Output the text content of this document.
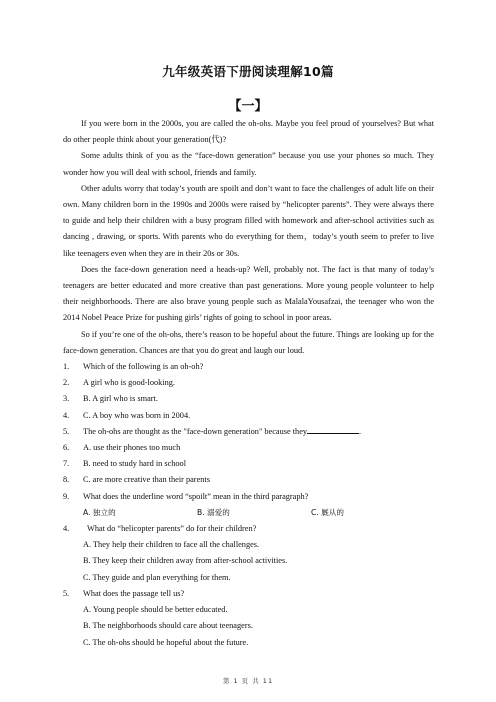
九年级英语下册阅读理解10篇
【一】

If you were born in the 2000s, you are called the oh-ohs. Maybe you feel proud of yourselves? But what do other people think about your generation(代)?

Some adults think of you as the “face-down generation” because you use your phones so much. They wonder how you will deal with school, friends and family.

Other adults worry that today’s youth are spoilt and don’t want to face the challenges of adult life on their own. Many children born in the 1990s and 2000s were raised by “helicopter parents”. They were always there to guide and help their children with a busy program filled with homework and after-school activities such as dancing , drawing, or sports. With parents who do everything for them，today’s youth seem to prefer to live like teenagers even when they are in their 20s or 30s.

Does the face-down generation need a heads-up? Well, probably not. The fact is that many of today’s teenagers are better educated and more creative than past generations. More young people volunteer to help their neighborhoods. There are also brave young people such as MalalaYousafzai, the teenager who won the 2014 Nobel Peace Prize for pushing girls’ rights of going to school in poor areas.

So if you’re one of the oh-ohs, there’s reason to be hopeful about the future. Things are looking up for the face-down generation. Chances are that you do great and laugh our loud.

1.	Which of the following is an oh-oh?
2.	A girl who is good-looking.
3.	B. A girl who is smart.
4.	C. A boy who was born in 2004.
5.	The oh-ohs are thought as the "face-down generation" because they	.
6.	A. use their phones too much
7.	B. need to study hard in school
8.	C. are more creative than their parents
9.	What does the underline word “spoilt” mean in the third paragraph?
A. 独立的	B. 溺爱的	C. 厩从的
4.	What do “helicopter parents” do for their children?
A. They help their children to face all the challenges.
B. They keep their children away from after-school activities.
C. They guide and plan everything for them.
5.	What does the passage tell us?
A. Young people should be better educated.
B. The neighborhoods should care about teenagers.
C. The oh-ohs should be hopeful about the future.
第 1 页 共 11
